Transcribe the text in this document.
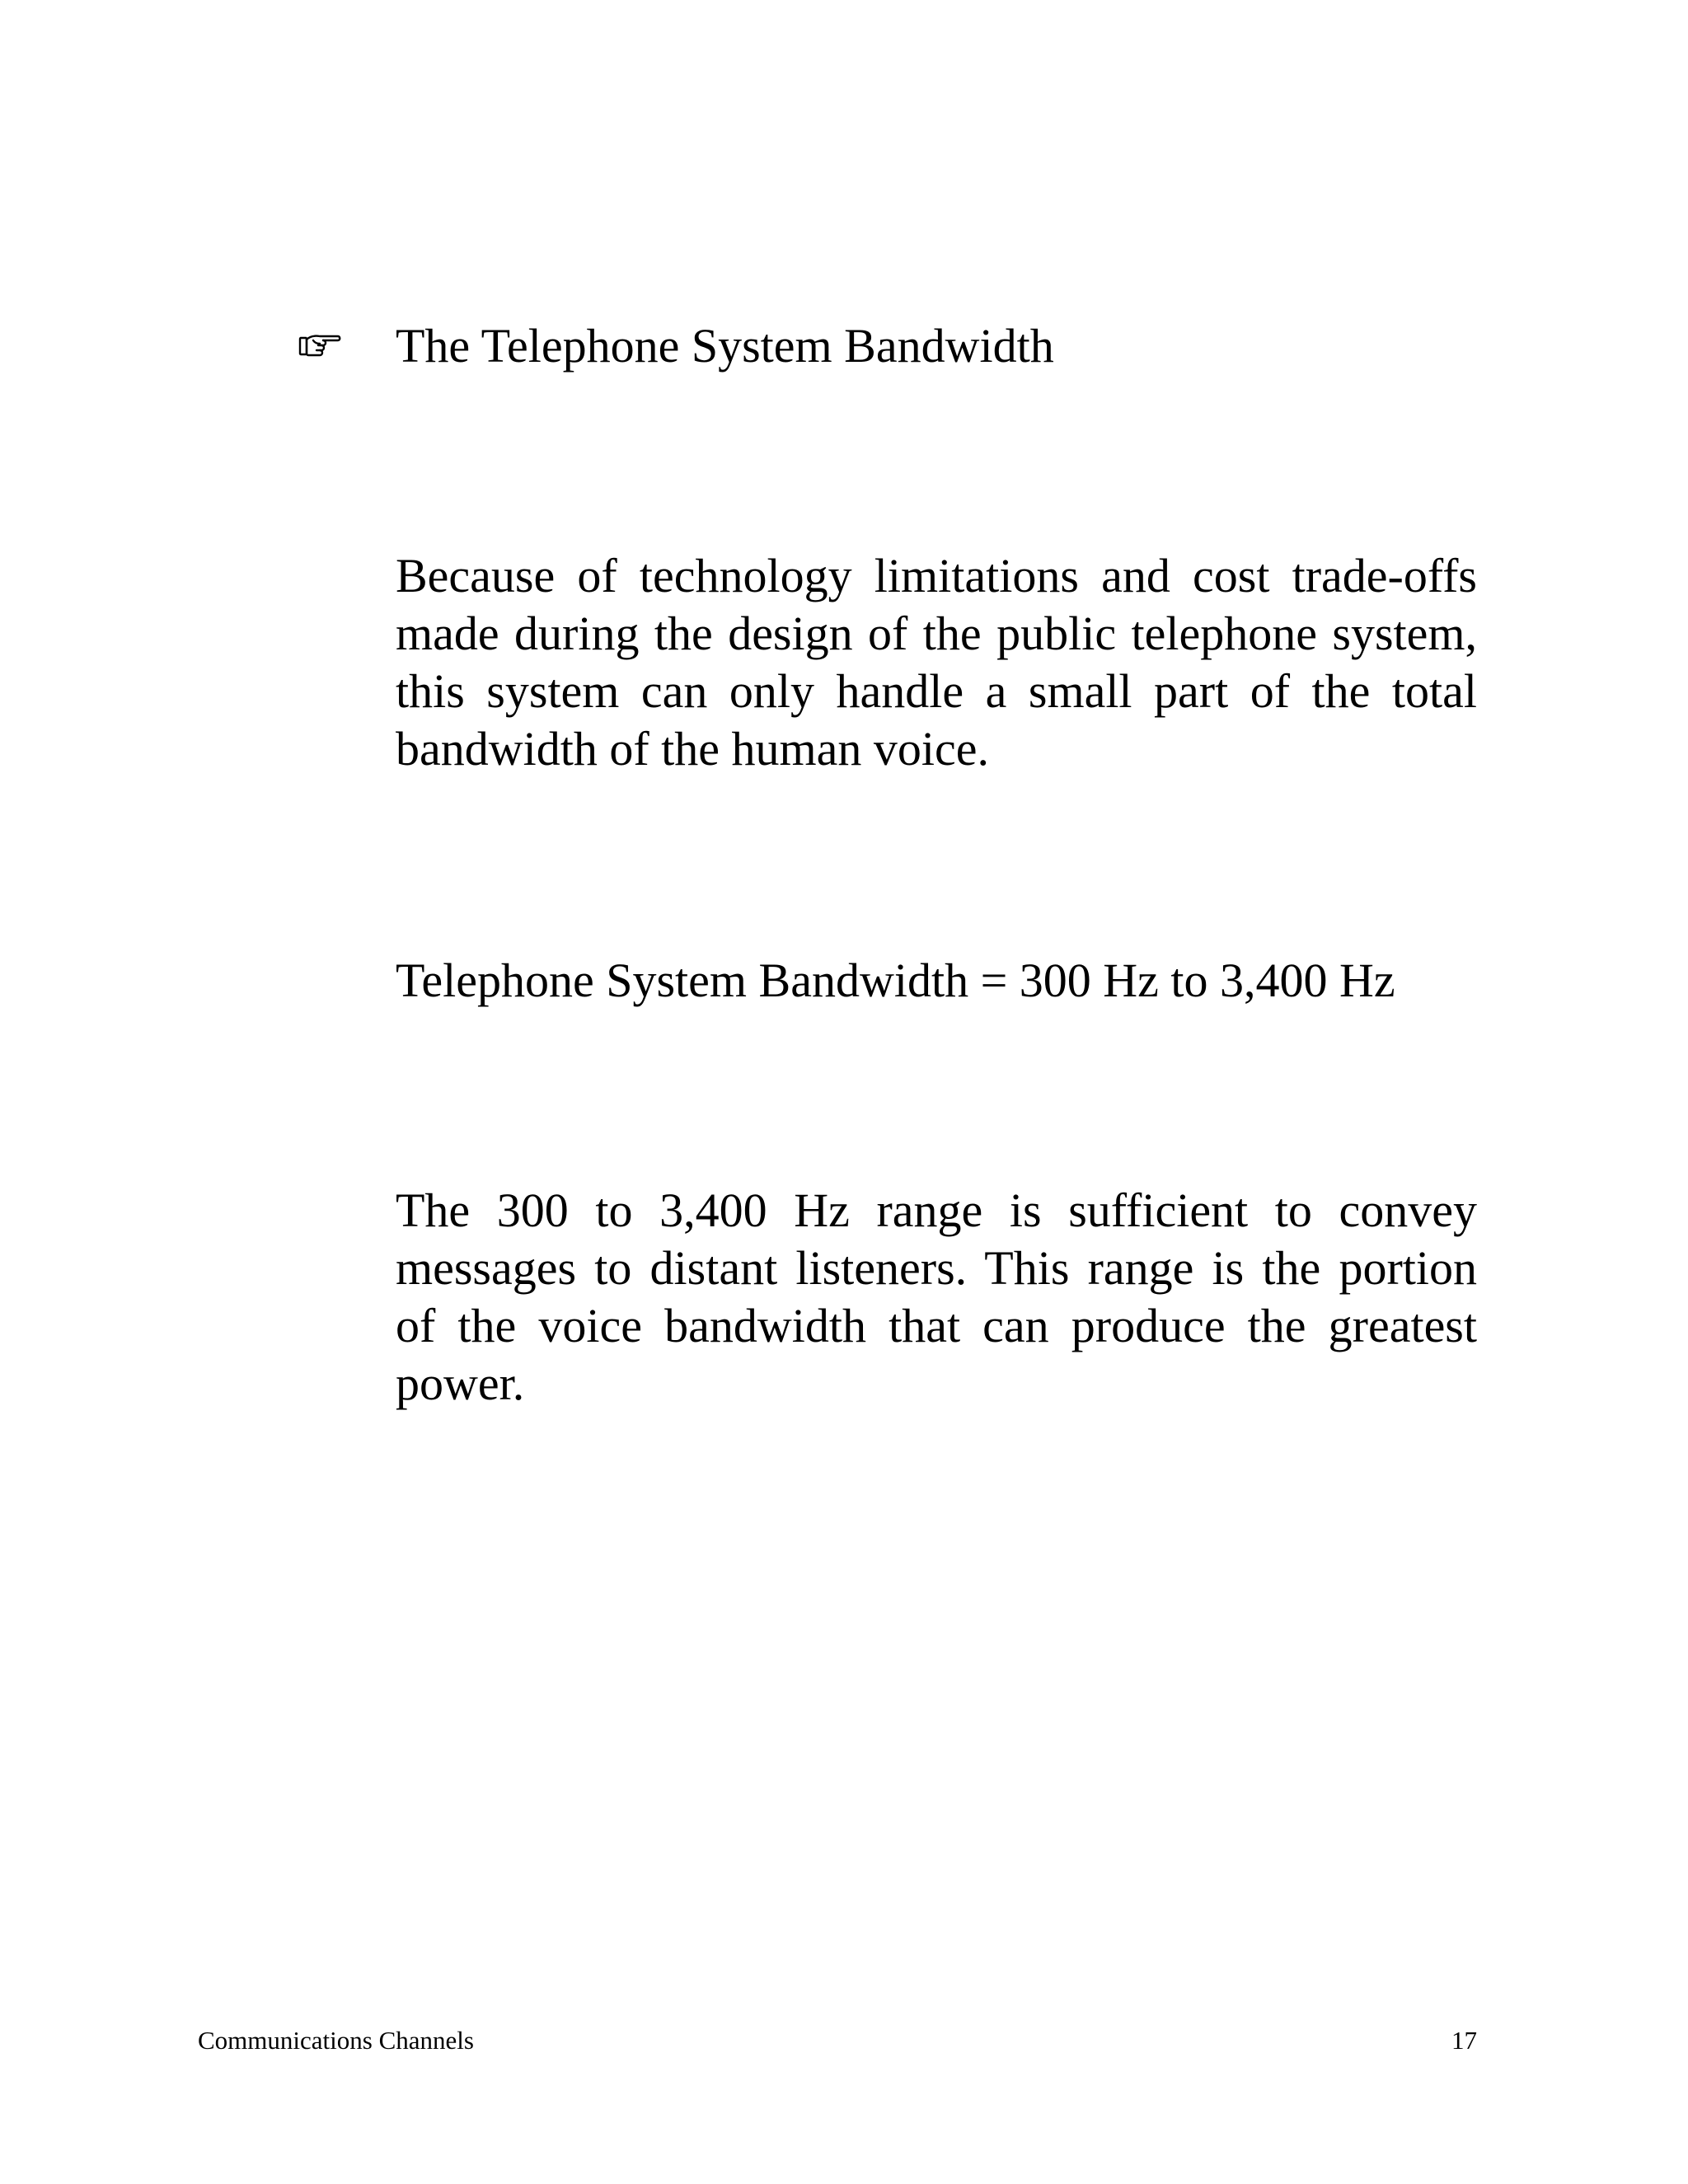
The Telephone System Bandwidth

Because of technology limitations and cost trade-offs made during the design of the public telephone system, this system can only handle a small part of the total bandwidth of the human voice.

Telephone System Bandwidth = 300 Hz to 3,400 Hz

The 300 to 3,400 Hz range is sufficient to convey messages to distant listeners. This range is the portion of the voice bandwidth that can produce the greatest power.

Communications Channels	17
